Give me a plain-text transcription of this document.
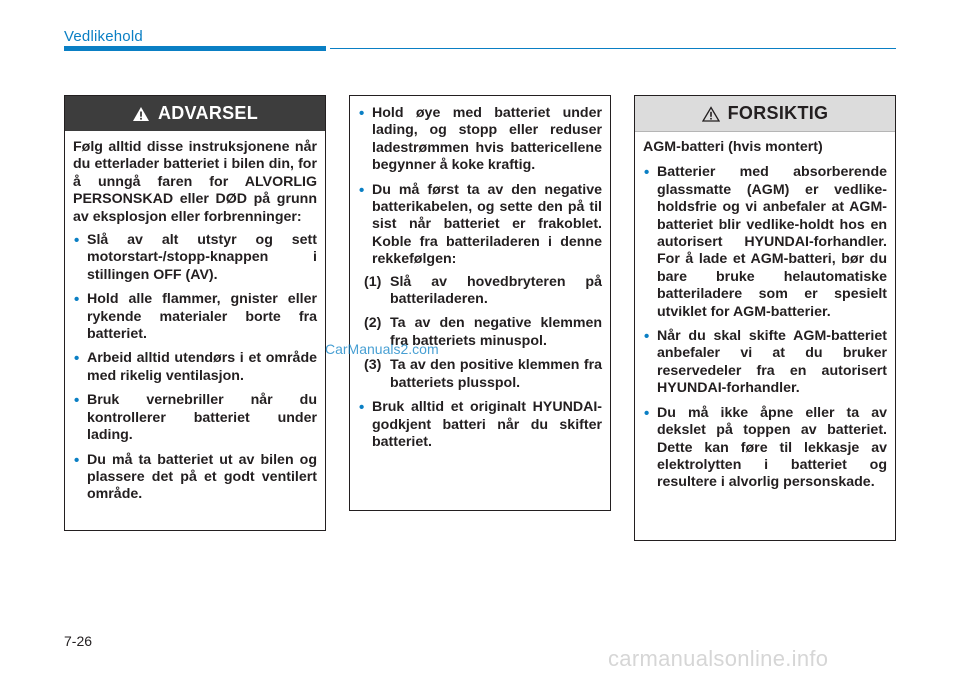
Vedlikehold
ADVARSEL

Følg alltid disse instruksjonene når du etterlader batteriet i bilen din, for å unngå faren for ALVORLIG PERSONSKAD eller DØD på grunn av eksplosjon eller forbrenninger:

• Slå av alt utstyr og sett motorstart-/stopp-knappen i stillingen OFF (AV).
• Hold alle flammer, gnister eller rykende materialer borte fra batteriet.
• Arbeid alltid utendørs i et område med rikelig ventilasjon.
• Bruk vernebriller når du kontrollerer batteriet under lading.
• Du må ta batteriet ut av bilen og plassere det på et godt ventilert område.
• Hold øye med batteriet under lading, og stopp eller reduser ladestrømmen hvis battericellene begynner å koke kraftig.
• Du må først ta av den negative batterikabelen, og sette den på til sist når batteriet er frakoblet. Koble fra batteriladeren i denne rekkefølgen:
(1) Slå av hovedbryteren på batteriladeren.
(2) Ta av den negative klemmen fra batteriets minuspol.
(3) Ta av den positive klemmen fra batteriets plusspol.
• Bruk alltid et originalt HYUNDAI-godkjent batteri når du skifter batteriet.
FORSIKTIG

AGM-batteri (hvis montert)

• Batterier med absorberende glassmatte (AGM) er vedlike-holdsfrie og vi anbefaler at AGM-batteriet blir vedlike-holdt hos en autorisert HYUNDAI-forhandler. For å lade et AGM-batteri, bør du bare bruke helautomatiske batteriladere som er spesielt utviklet for AGM-batterier.
• Når du skal skifte AGM-batteriet anbefaler vi at du bruker reservedeler fra en autorisert HYUNDAI-forhandler.
• Du må ikke åpne eller ta av dekslet på toppen av batteriet. Dette kan føre til lekkasje av elektrolytten i batteriet og resultere i alvorlig personskade.
CarManuals2.com
7-26
carmanualsonline.info
